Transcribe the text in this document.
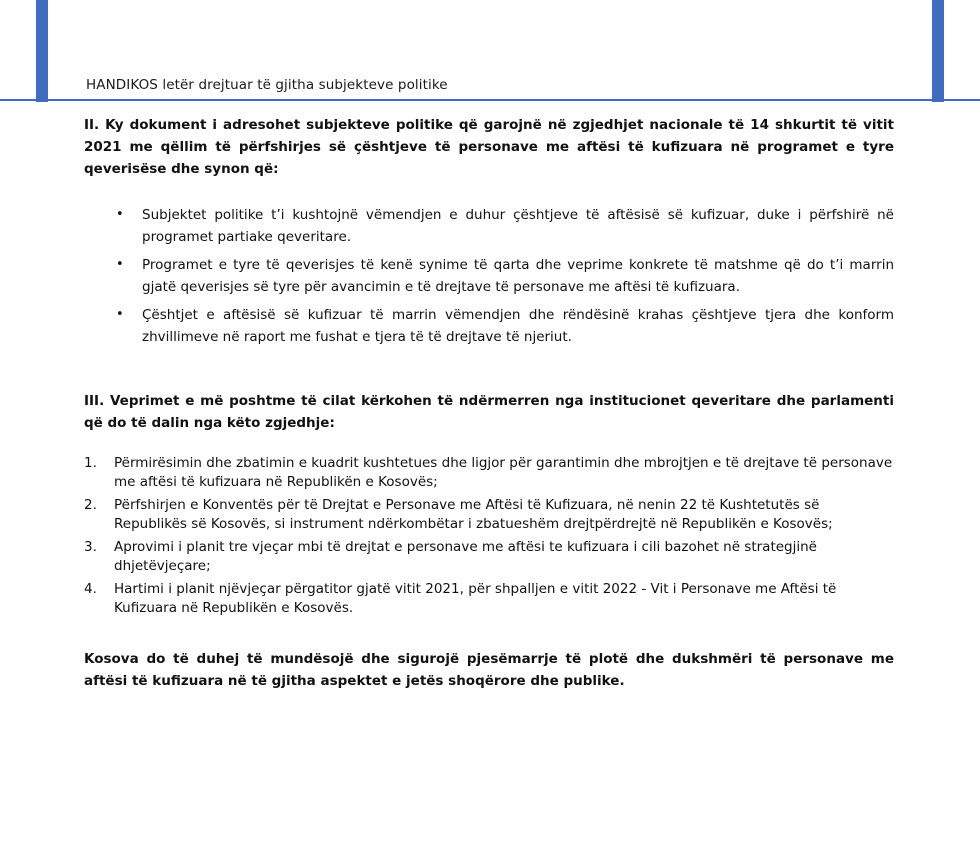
HANDIKOS letër drejtuar të gjitha subjekteve politike

II. Ky dokument i adresohet subjekteve politike që garojnë në zgjedhjet nacionale të 14 shkurtit të vitit 2021 me qëllim të përfshirjes së çështjeve të personave me aftësi të kufizuara në programet e tyre qeverisëse dhe synon që:

• Subjektet politike t’i kushtojnë vëmendjen e duhur çështjeve të aftësisë së kufizuar, duke i përfshirë në programet partiake qeveritare.
• Programet e tyre të qeverisjes të kenë synime të qarta dhe veprime konkrete të matshme që do t’i marrin gjatë qeverisjes së tyre për avancimin e të drejtave të personave me aftësi të kufizuara.
• Çështjet e aftësisë së kufizuar të marrin vëmendjen dhe rëndësinë krahas çështjeve tjera dhe konform zhvillimeve në raport me fushat e tjera të të drejtave të njeriut.

III. Veprimet e më poshtme të cilat kërkohen të ndërmerren nga institucionet qeveritare dhe parlamenti që do të dalin nga këto zgjedhje:

1. Përmirësimin dhe zbatimin e kuadrit kushtetues dhe ligjor për garantimin dhe mbrojtjen e të drejtave të personave me aftësi të kufizuara në Republikën e Kosovës;
2. Përfshirjen e Konventës për të Drejtat e Personave me Aftësi të Kufizuara, në nenin 22 të Kushtetutës së Republikës së Kosovës, si instrument ndërkombëtar i zbatueshëm drejtpërdrejtë në Republikën e Kosovës;
3. Aprovimi i planit tre vjeçar mbi të drejtat e personave me aftësi te kufizuara i cili bazohet në strategjinë dhjetëvjeçare;
4. Hartimi i planit njëvjeçar përgatitor gjatë vitit 2021, për shpalljen e vitit 2022 - Vit i Personave me Aftësi të Kufizuara në Republikën e Kosovës.

Kosova do të duhej të mundësojë dhe sigurojë pjesëmarrje të plotë dhe dukshmëri të personave me aftësi të kufizuara në të gjitha aspektet e jetës shoqërore dhe publike.
